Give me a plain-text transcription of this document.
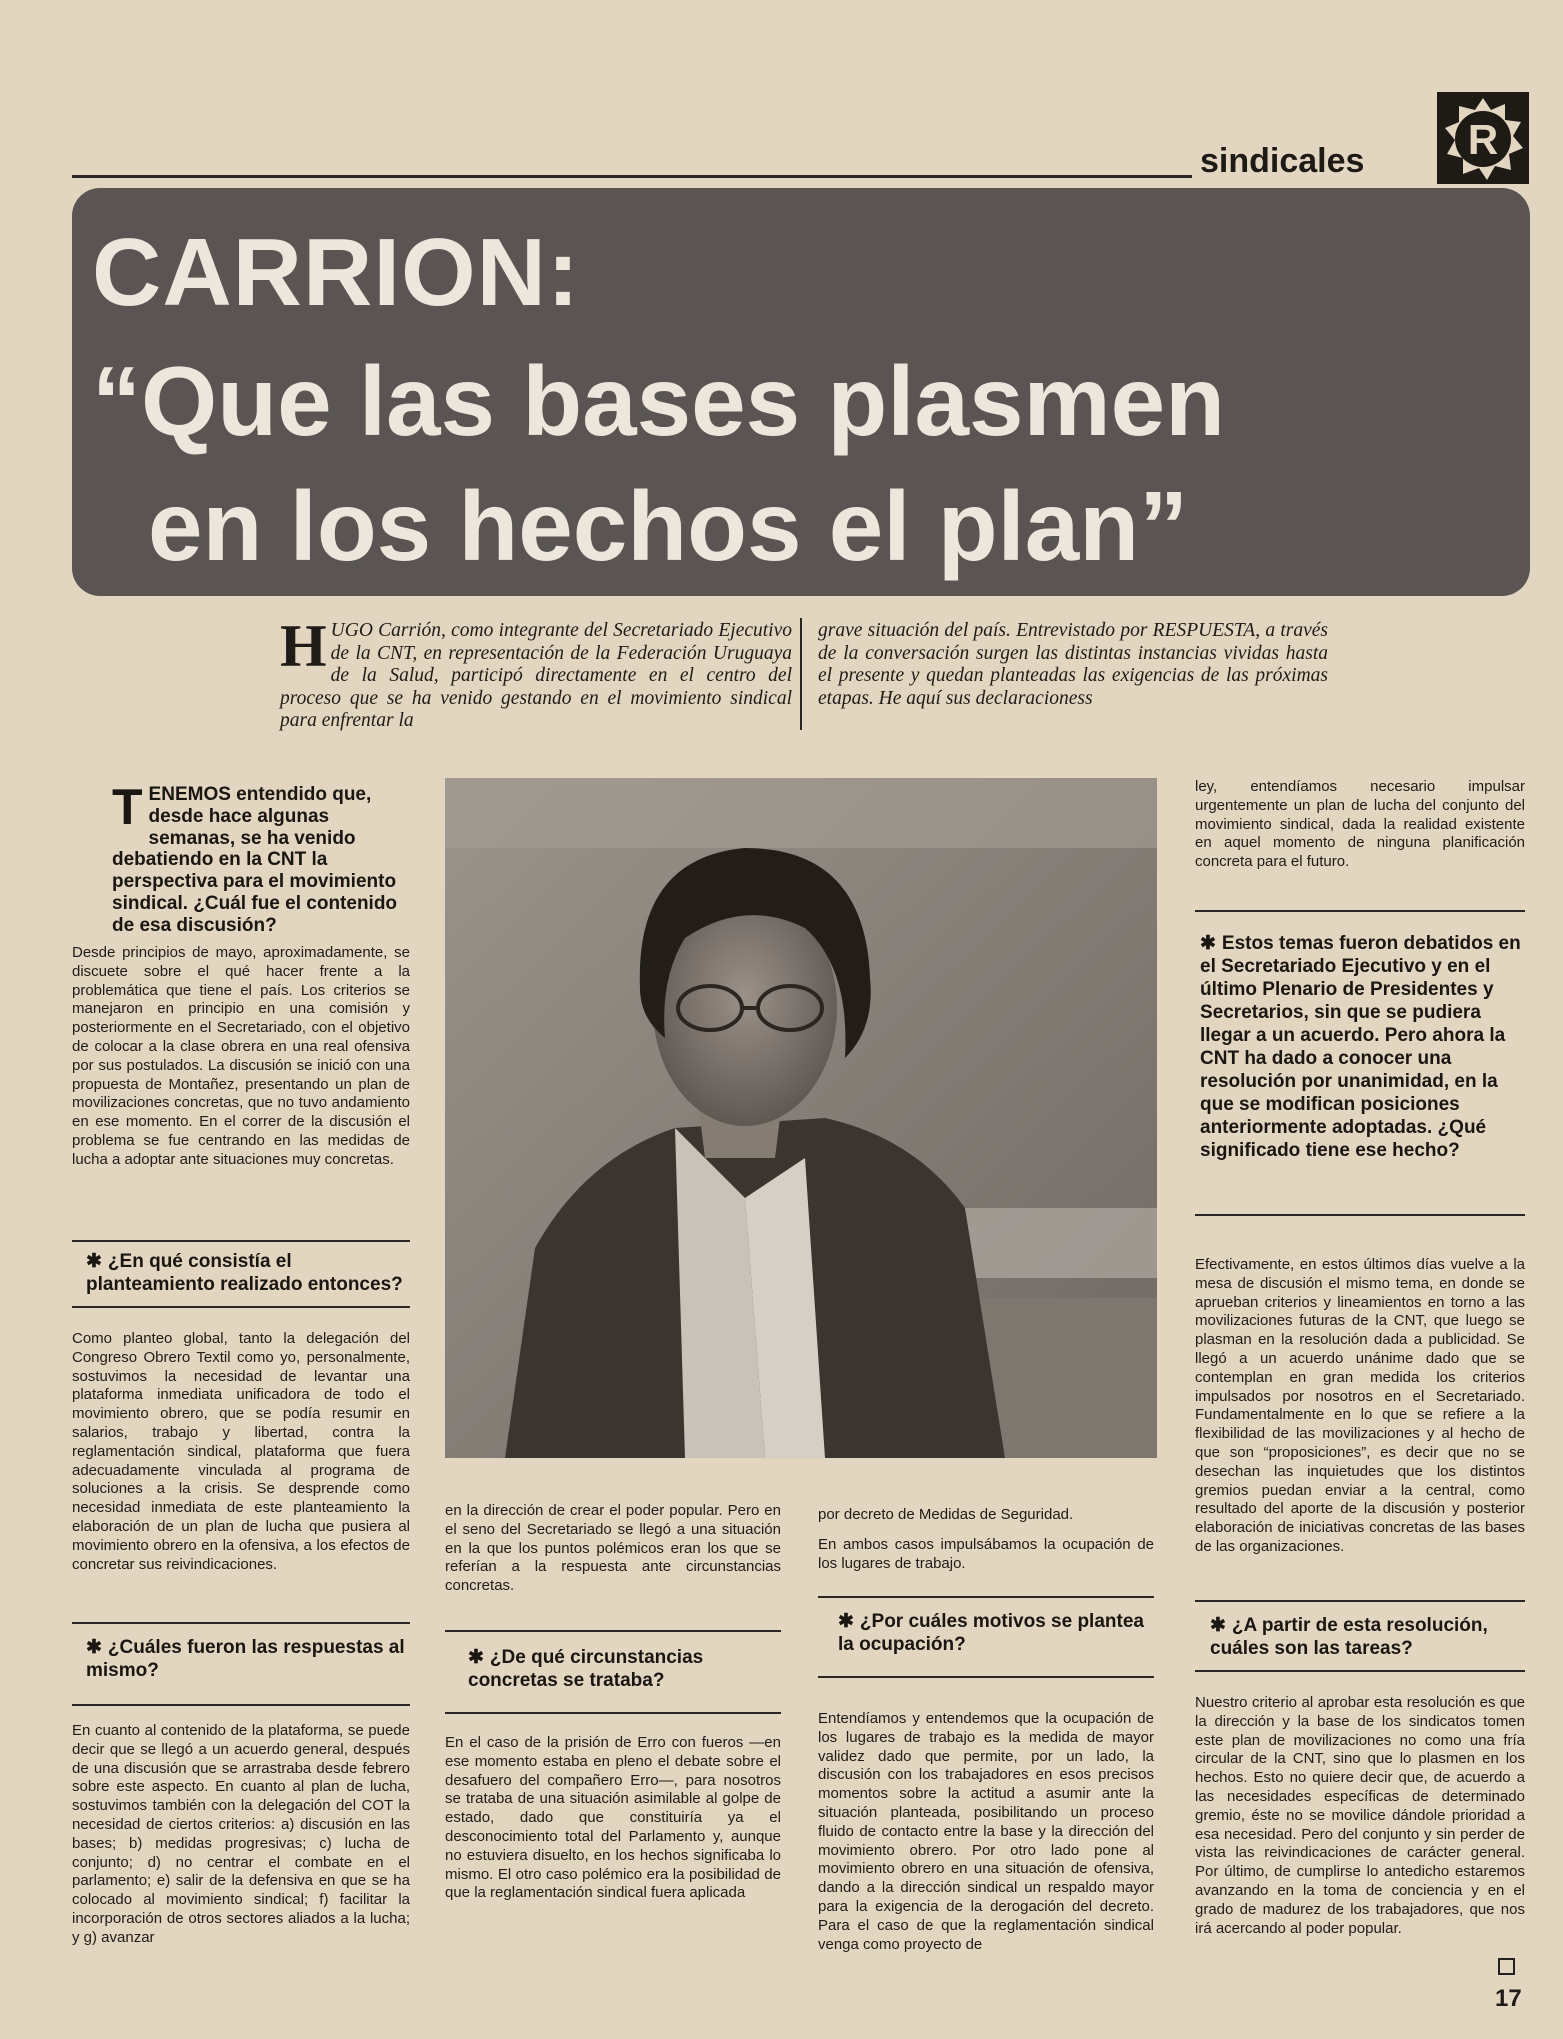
sindicales R
CARRION:
“Que las bases plasmen
en los hechos el plan”
HUGO Carrión, como integrante del Secretariado Ejecutivo de la CNT, en representación de la Federación Uruguaya de la Salud, participó directamente en el centro del proceso que se ha venido gestando en el movimiento sindical para enfrentar la
grave situación del país. Entrevistado por RESPUESTA, a través de la conversación surgen las distintas instancias vividas hasta el presente y quedan planteadas las exigencias de las próximas etapas. He aquí sus declaracioness
TENEMOS entendido que, desde hace algunas semanas, se ha venido debatiendo en la CNT la perspectiva para el movimiento sindical. ¿Cuál fue el contenido de esa discusión?
Desde principios de mayo, aproximadamente, se discuete sobre el qué hacer frente a la problemática que tiene el país. Los criterios se manejaron en principio en una comisión y posteriormente en el Secretariado, con el objetivo de colocar a la clase obrera en una real ofensiva por sus postulados. La discusión se inició con una propuesta de Montañez, presentando un plan de movilizaciones concretas, que no tuvo andamiento en ese momento. En el correr de la discusión el problema se fue centrando en las medidas de lucha a adoptar ante situaciones muy concretas.
✱ ¿En qué consistía el planteamiento realizado entonces?
Como planteo global, tanto la delegación del Congreso Obrero Textil como yo, personalmente, sostuvimos la necesidad de levantar una plataforma inmediata unificadora de todo el movimiento obrero, que se podía resumir en salarios, trabajo y libertad, contra la reglamentación sindical, plataforma que fuera adecuadamente vinculada al programa de soluciones a la crisis. Se desprende como necesidad inmediata de este planteamiento la elaboración de un plan de lucha que pusiera al movimiento obrero en la ofensiva, a los efectos de concretar sus reivindicaciones.
✱ ¿Cuáles fueron las respuestas al mismo?
En cuanto al contenido de la plataforma, se puede decir que se llegó a un acuerdo general, después de una discusión que se arrastraba desde febrero sobre este aspecto. En cuanto al plan de lucha, sostuvimos también con la delegación del COT la necesidad de ciertos criterios: a) discusión en las bases; b) medidas progresivas; c) lucha de conjunto; d) no centrar el combate en el parlamento; e) salir de la defensiva en que se ha colocado al movimiento sindical; f) facilitar la incorporación de otros sectores aliados a la lucha; y g) avanzar
en la dirección de crear el poder popular. Pero en el seno del Secretariado se llegó a una situación en la que los puntos polémicos eran los que se referían a la respuesta ante circunstancias concretas.
✱ ¿De qué circunstancias concretas se trataba?
En el caso de la prisión de Erro con fueros —en ese momento estaba en pleno el debate sobre el desafuero del compañero Erro—, para nosotros se trataba de una situación asimilable al golpe de estado, dado que constituiría ya el desconocimiento total del Parlamento y, aunque no estuviera disuelto, en los hechos significaba lo mismo. El otro caso polémico era la posibilidad de que la reglamentación sindical fuera aplicada
por decreto de Medidas de Seguridad.
En ambos casos impulsábamos la ocupación de los lugares de trabajo.
✱ ¿Por cuáles motivos se plantea la ocupación?
Entendíamos y entendemos que la ocupación de los lugares de trabajo es la medida de mayor validez dado que permite, por un lado, la discusión con los trabajadores en esos precisos momentos sobre la actitud a asumir ante la situación planteada, posibilitando un proceso fluido de contacto entre la base y la dirección del movimiento obrero. Por otro lado pone al movimiento obrero en una situación de ofensiva, dando a la dirección sindical un respaldo mayor para la exigencia de la derogación del decreto. Para el caso de que la reglamentación sindical venga como proyecto de
ley, entendíamos necesario impulsar urgentemente un plan de lucha del conjunto del movimiento sindical, dada la realidad existente en aquel momento de ninguna planificación concreta para el futuro.
✱ Estos temas fueron debatidos en el Secretariado Ejecutivo y en el último Plenario de Presidentes y Secretarios, sin que se pudiera llegar a un acuerdo. Pero ahora la CNT ha dado a conocer una resolución por unanimidad, en la que se modifican posiciones anteriormente adoptadas. ¿Qué significado tiene ese hecho?
Efectivamente, en estos últimos días vuelve a la mesa de discusión el mismo tema, en donde se aprueban criterios y lineamientos en torno a las movilizaciones futuras de la CNT, que luego se plasman en la resolución dada a publicidad. Se llegó a un acuerdo unánime dado que se contemplan en gran medida los criterios impulsados por nosotros en el Secretariado. Fundamentalmente en lo que se refiere a la flexibilidad de las movilizaciones y al hecho de que son “proposiciones”, es decir que no se desechan las inquietudes que los distintos gremios puedan enviar a la central, como resultado del aporte de la discusión y posterior elaboración de iniciativas concretas de las bases de las organizaciones.
✱ ¿A partir de esta resolución, cuáles son las tareas?
Nuestro criterio al aprobar esta resolución es que la dirección y la base de los sindicatos tomen este plan de movilizaciones no como una fría circular de la CNT, sino que lo plasmen en los hechos. Esto no quiere decir que, de acuerdo a las necesidades específicas de determinado gremio, éste no se movilice dándole prioridad a esa necesidad. Pero del conjunto y sin perder de vista las reivindicaciones de carácter general. Por último, de cumplirse lo antedicho estaremos avanzando en la toma de conciencia y en el grado de madurez de los trabajadores, que nos irá acercando al poder popular.
17
